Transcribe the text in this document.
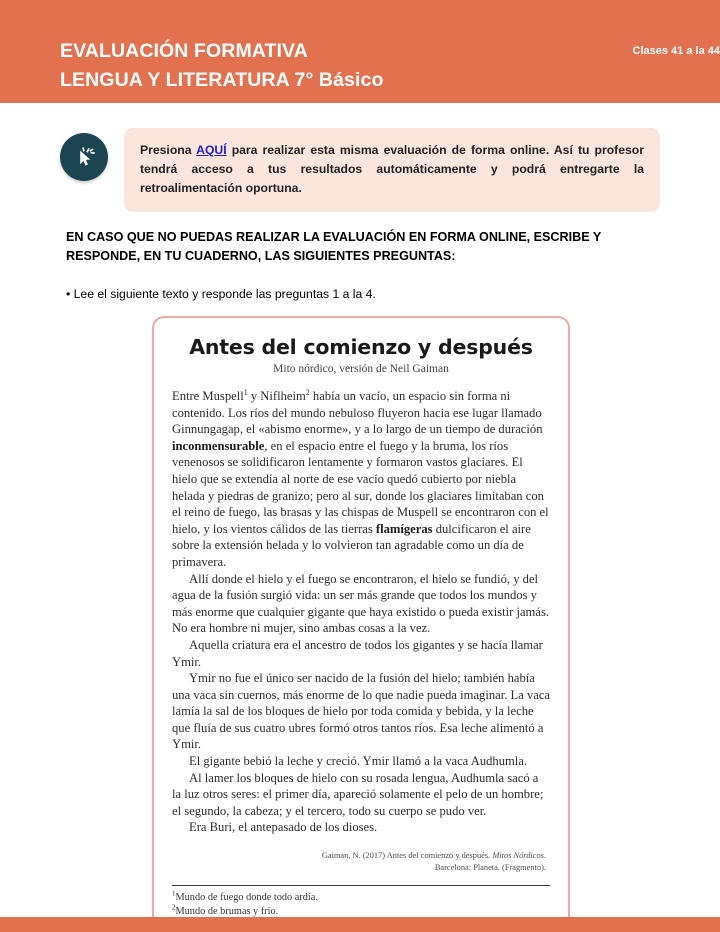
EVALUACIÓN FORMATIVA
LENGUA Y LITERATURA 7° Básico
Clases 41 a la 44

Presiona AQUÍ para realizar esta misma evaluación de forma online. Así tu profesor tendrá acceso a tus resultados automáticamente y podrá entregarte la retroalimentación oportuna.

EN CASO QUE NO PUEDAS REALIZAR LA EVALUACIÓN EN FORMA ONLINE, ESCRIBE Y RESPONDE, EN TU CUADERNO, LAS SIGUIENTES PREGUNTAS:

• Lee el siguiente texto y responde las preguntas 1 a la 4.

Antes del comienzo y después
Mito nórdico, versión de Neil Gaiman

Entre Muspell$^1$ y Niflheim$^2$ había un vacío, un espacio sin forma ni contenido. Los ríos del mundo nebuloso fluyeron hacia ese lugar llamado Ginnungagap, el «abismo enorme», y a lo largo de un tiempo de duración inconmensurable, en el espacio entre el fuego y la bruma, los ríos venenosos se solidificaron lentamente y formaron vastos glaciares. El hielo que se extendía al norte de ese vacío quedó cubierto por niebla helada y piedras de granizo; pero al sur, donde los glaciares limitaban con el reino de fuego, las brasas y las chispas de Muspell se encontraron con el hielo, y los vientos cálidos de las tierras flamígeras dulcificaron el aire sobre la extensión helada y lo volvieron tan agradable como un día de primavera.

Allí donde el hielo y el fuego se encontraron, el hielo se fundió, y del agua de la fusión surgió vida: un ser más grande que todos los mundos y más enorme que cualquier gigante que haya existido o pueda existir jamás. No era hombre ni mujer, sino ambas cosas a la vez.

Aquella criatura era el ancestro de todos los gigantes y se hacía llamar Ymir.

Ymir no fue el único ser nacido de la fusión del hielo; también había una vaca sin cuernos, más enorme de lo que nadie pueda imaginar. La vaca lamía la sal de los bloques de hielo por toda comida y bebida, y la leche que fluía de sus cuatro ubres formó otros tantos ríos. Esa leche alimentó a Ymir.

El gigante bebió la leche y creció. Ymir llamó a la vaca Audhumla.

Al lamer los bloques de hielo con su rosada lengua, Audhumla sacó a la luz otros seres: el primer día, apareció solamente el pelo de un hombre; el segundo, la cabeza; y el tercero, todo su cuerpo se pudo ver.

Era Buri, el antepasado de los dioses.

Gaiman, N. (2017) Antes del comienzo y después. Mitos Nórdicos.
Barcelona: Planeta. (Fragmento).
$^1$Mundo de fuego donde todo ardía.
$^2$Mundo de brumas y frío.
